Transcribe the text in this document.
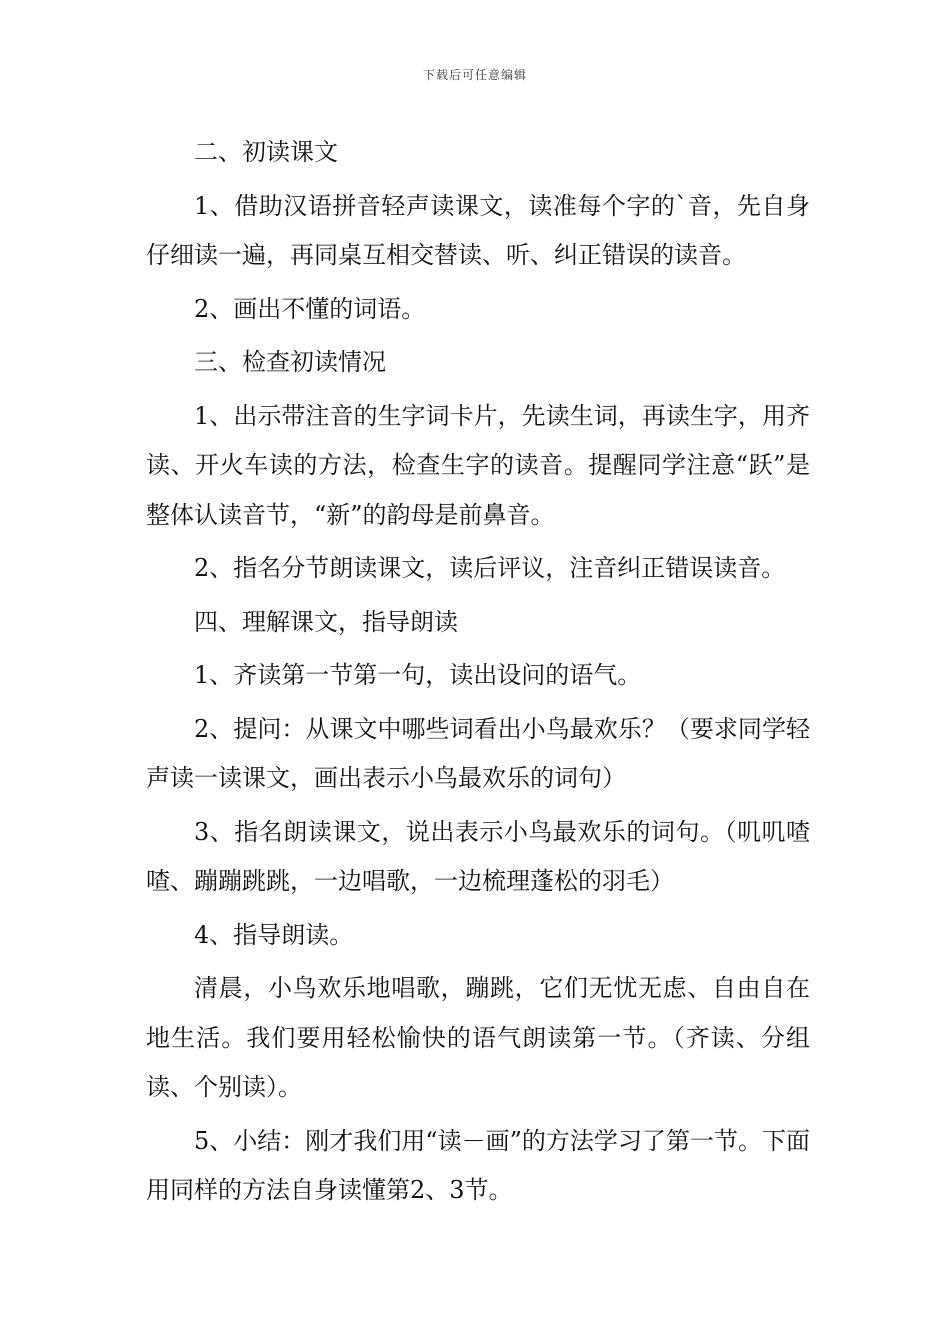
下载后可任意编辑

二、初读课文

1、借助汉语拼音轻声读课文，读准每个字的`音，先自身仔细读一遍，再同桌互相交替读、听、纠正错误的读音。

2、画出不懂的词语。

三、检查初读情况

1、出示带注音的生字词卡片，先读生词，再读生字，用齐读、开火车读的方法，检查生字的读音。提醒同学注意“跃”是整体认读音节，“新”的韵母是前鼻音。

2、指名分节朗读课文，读后评议，注音纠正错误读音。

四、理解课文，指导朗读

1、齐读第一节第一句，读出设问的语气。

2、提问：从课文中哪些词看出小鸟最欢乐？（要求同学轻声读一读课文，画出表示小鸟最欢乐的词句）

3、指名朗读课文，说出表示小鸟最欢乐的词句。（叽叽喳喳、蹦蹦跳跳，一边唱歌，一边梳理蓬松的羽毛）

4、指导朗读。

清晨，小鸟欢乐地唱歌，蹦跳，它们无忧无虑、自由自在地生活。我们要用轻松愉快的语气朗读第一节。（齐读、分组读、个别读）。

5、小结：刚才我们用“读－画”的方法学习了第一节。下面用同样的方法自身读懂第2、3节。
